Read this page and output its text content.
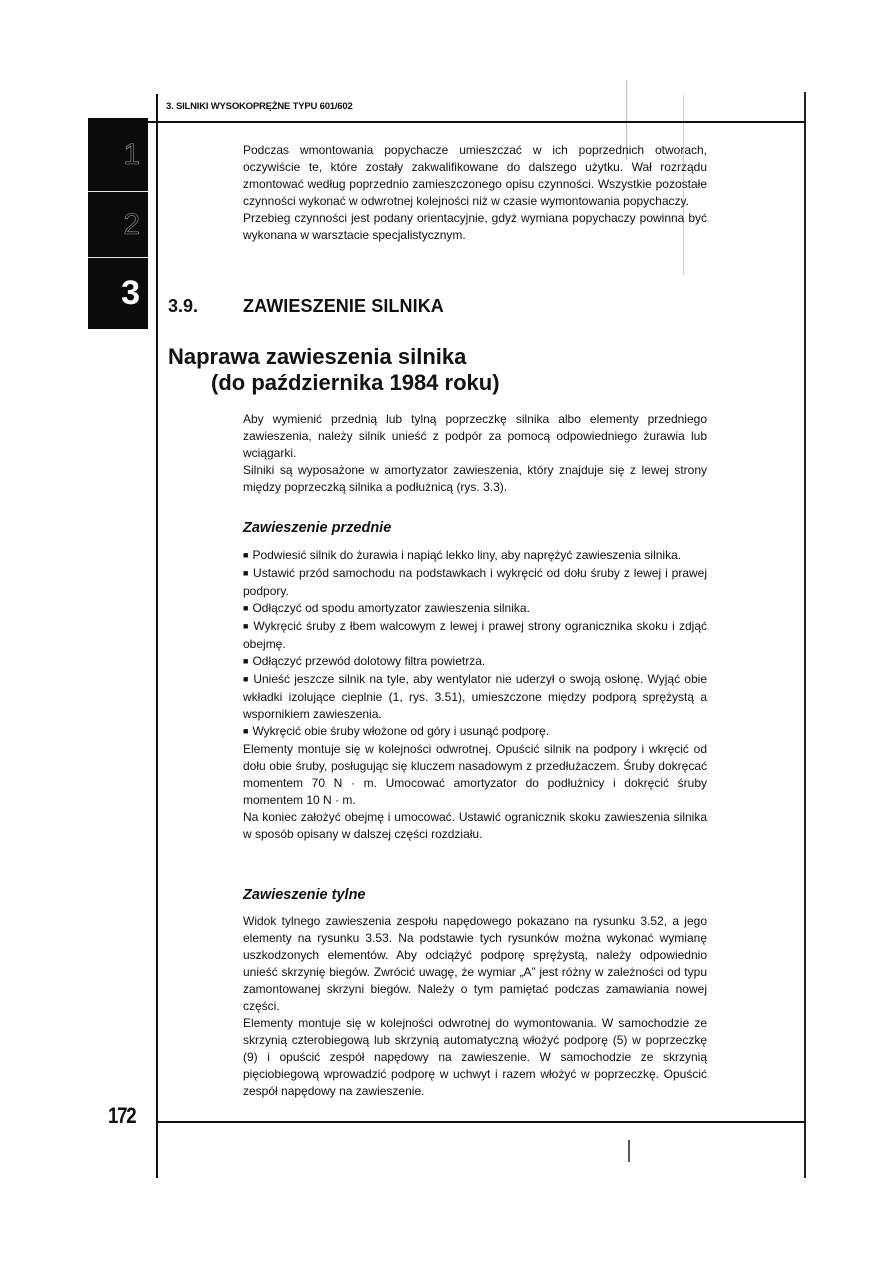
3. SILNIKI WYSOKOPRĘŻNE TYPU 601/602
1
2
3

Podczas wmontowania popychacze umieszczać w ich poprzednich otworach, oczywiście te, które zostały zakwalifikowane do dalszego użytku. Wał rozrządu zmontować według poprzednio zamieszczonego opisu czynności. Wszystkie pozostałe czynności wykonać w odwrotnej kolejności niż w czasie wymontowania popychaczy.

Przebieg czynności jest podany orientacyjnie, gdyż wymiana popychaczy powinna być wykonana w warsztacie specjalistycznym.

3.9. ZAWIESZENIE SILNIKA
Naprawa zawieszenia silnika
(do października 1984 roku)

Aby wymienić przednią lub tylną poprzeczkę silnika albo elementy przedniego zawieszenia, należy silnik unieść z podpór za pomocą odpowiedniego żurawia lub wciągarki.

Silniki są wyposażone w amortyzator zawieszenia, który znajduje się z lewej strony między poprzeczką silnika a podłużnicą (rys. 3.3).

Zawieszenie przednie

■ Podwiesić silnik do żurawia i napiąć lekko liny, aby naprężyć zawieszenia silnika.

■ Ustawić przód samochodu na podstawkach i wykręcić od dołu śruby z lewej i prawej podpory.

■ Odłączyć od spodu amortyzator zawieszenia silnika.

■ Wykręcić śruby z łbem walcowym z lewej i prawej strony ogranicznika skoku i zdjąć obejmę.

■ Odłączyć przewód dolotowy filtra powietrza.

■ Unieść jeszcze silnik na tyle, aby wentylator nie uderzył o swoją osłonę. Wyjąć obie wkładki izolujące cieplnie (1, rys. 3.51), umieszczone między podporą sprężystą a wspornikiem zawieszenia.

■ Wykręcić obie śruby włożone od góry i usunąć podporę.

Elementy montuje się w kolejności odwrotnej. Opuścić silnik na podpory i wkręcić od dołu obie śruby, posługując się kluczem nasadowym z przedłużaczem. Śruby dokręcać momentem 70 N · m. Umocować amortyzator do podłużnicy i dokręcić śruby momentem 10 N · m.

Na koniec założyć obejmę i umocować. Ustawić ogranicznik skoku zawieszenia silnika w sposób opisany w dalszej części rozdziału.

Zawieszenie tylne

Widok tylnego zawieszenia zespołu napędowego pokazano na rysunku 3.52, a jego elementy na rysunku 3.53. Na podstawie tych rysunków można wykonać wymianę uszkodzonych elementów. Aby odciążyć podporę sprężystą, należy odpowiednio unieść skrzynię biegów. Zwrócić uwagę, że wymiar „A” jest różny w zależności od typu zamontowanej skrzyni biegów. Należy o tym pamiętać podczas zamawiania nowej części.

Elementy montuje się w kolejności odwrotnej do wymontowania. W samochodzie ze skrzynią czterobiegową lub skrzynią automatyczną włożyć podporę (5) w poprzeczkę (9) i opuścić zespół napędowy na zawieszenie. W samochodzie ze skrzynią pięciobiegową wprowadzić podporę w uchwyt i razem włożyć w poprzeczkę. Opuścić zespół napędowy na zawieszenie.

172
